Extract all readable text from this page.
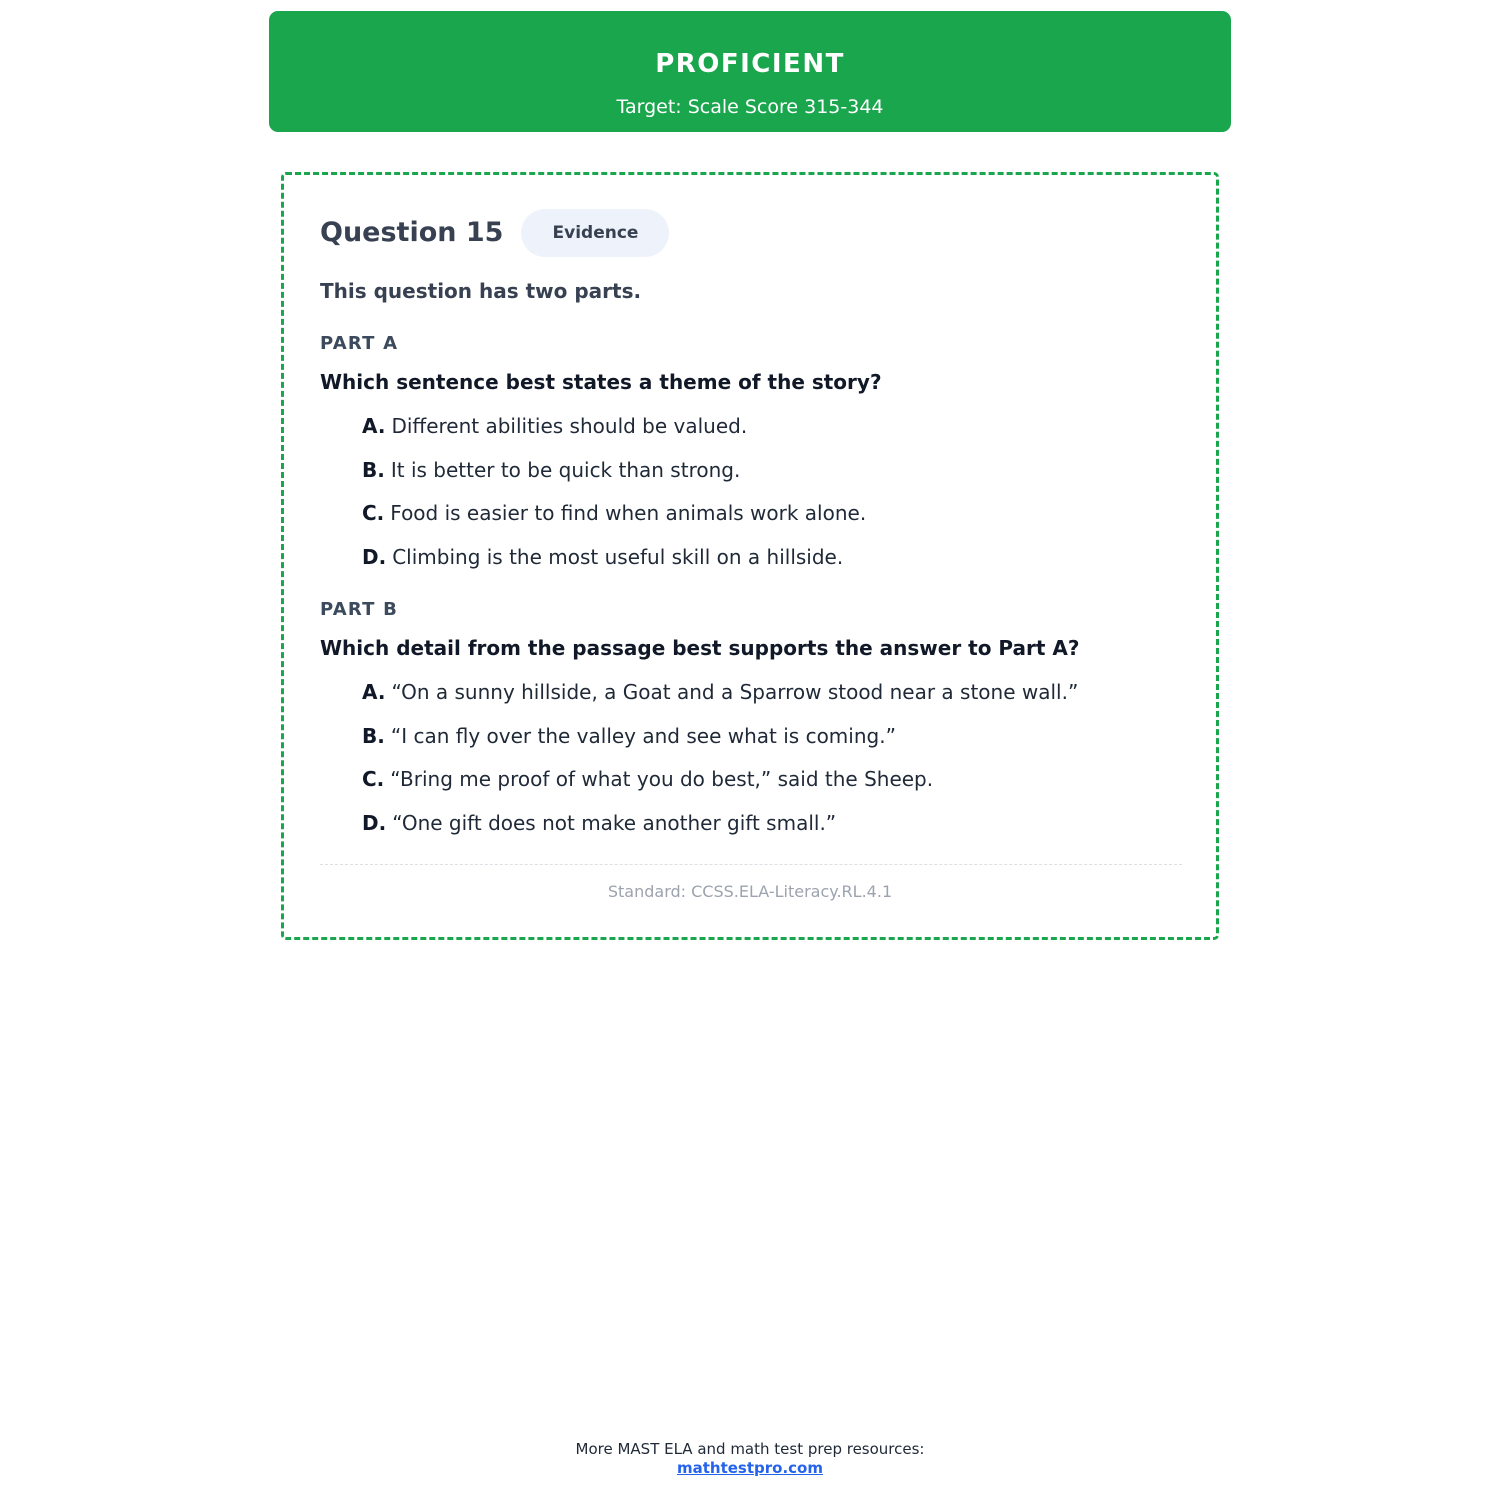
PROFICIENT
Target: Scale Score 315-344
Question 15	Evidence
This question has two parts.
PART A
Which sentence best states a theme of the story?
A. Different abilities should be valued.
B. It is better to be quick than strong.
C. Food is easier to find when animals work alone.
D. Climbing is the most useful skill on a hillside.
PART B
Which detail from the passage best supports the answer to Part A?
A. “On a sunny hillside, a Goat and a Sparrow stood near a stone wall.”
B. “I can fly over the valley and see what is coming.”
C. “Bring me proof of what you do best,” said the Sheep.
D. “One gift does not make another gift small.”
Standard: CCSS.ELA-Literacy.RL.4.1
More MAST ELA and math test prep resources:
mathtestpro.com
